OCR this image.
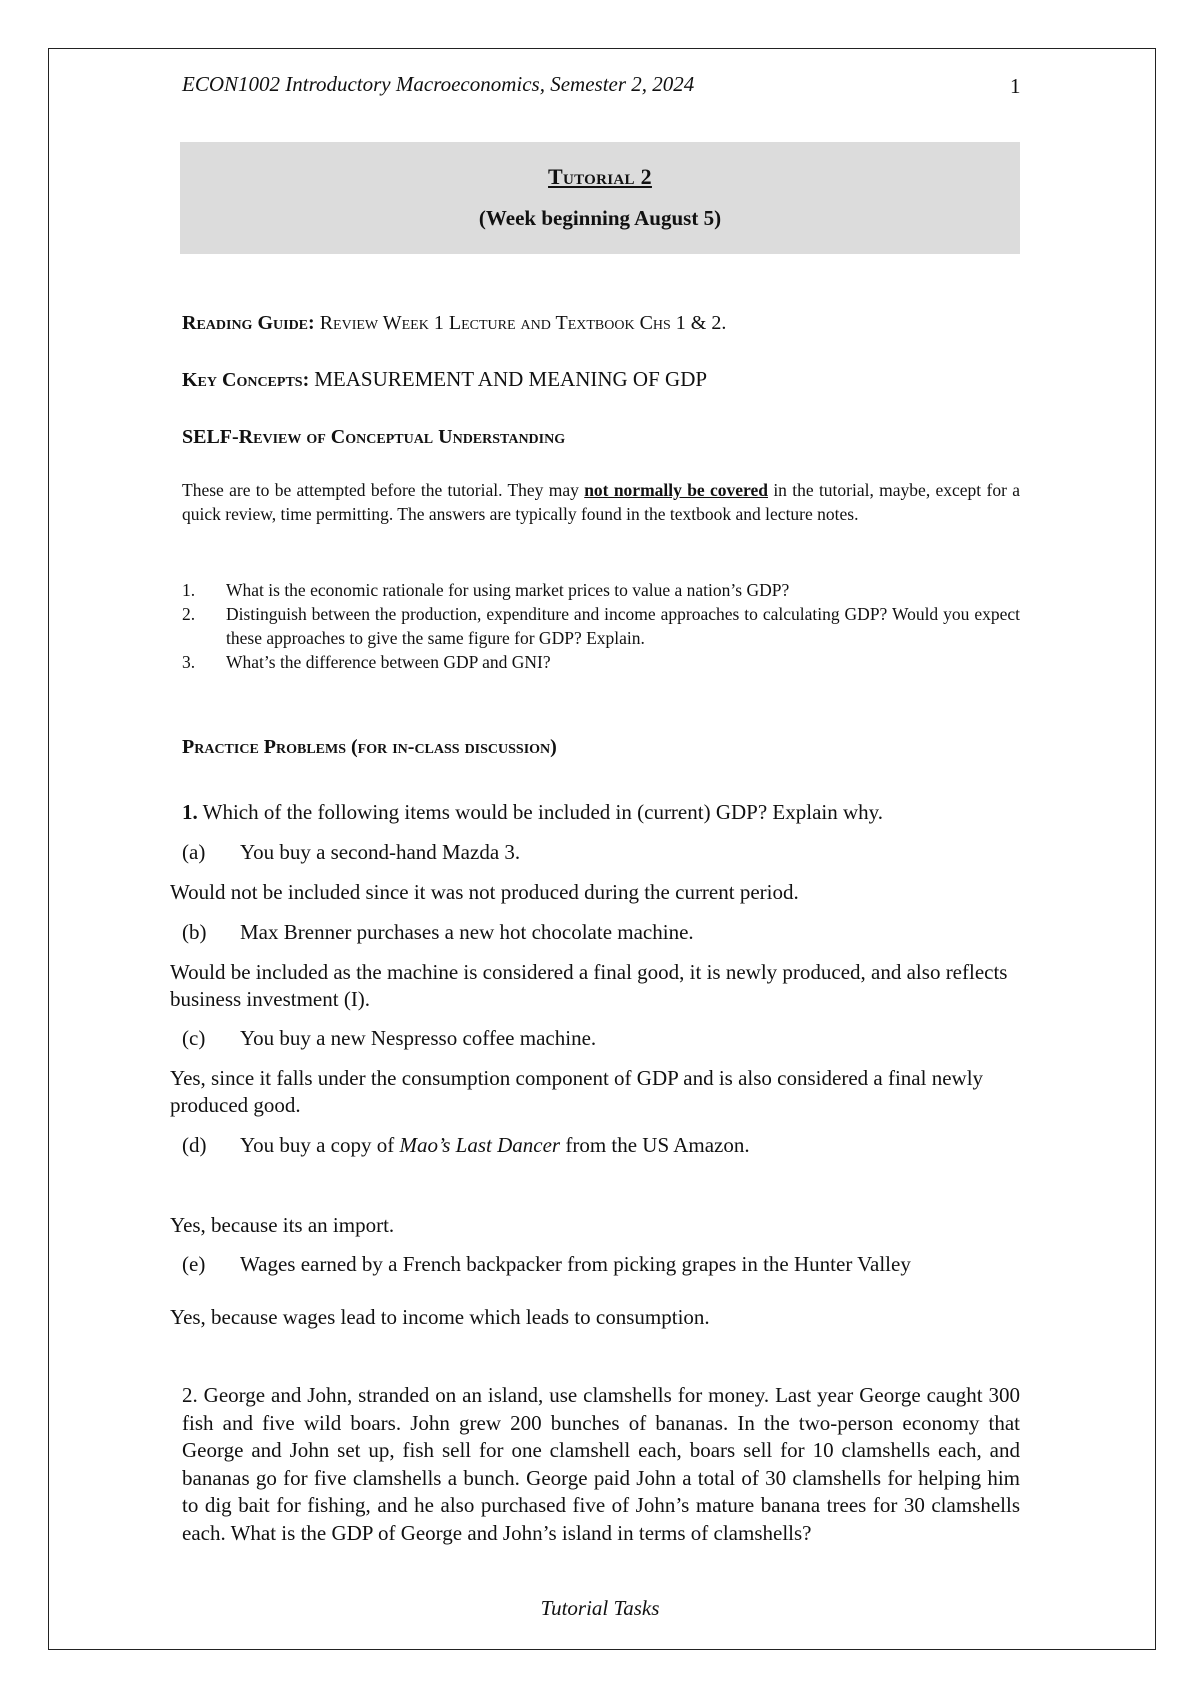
ECON1002 Introductory Macroeconomics, Semester 2, 2024	1
Tutorial 2
(Week beginning August 5)
Reading Guide: Review Week 1 Lecture and Textbook Chs 1 & 2.
Key Concepts: MEASUREMENT AND MEANING OF GDP
SELF-Review of Conceptual Understanding
These are to be attempted before the tutorial. They may not normally be covered in the tutorial, maybe, except for a quick review, time permitting. The answers are typically found in the textbook and lecture notes.
1. What is the economic rationale for using market prices to value a nation’s GDP?
2. Distinguish between the production, expenditure and income approaches to calculating GDP? Would you expect these approaches to give the same figure for GDP? Explain.
3. What’s the difference between GDP and GNI?
Practice Problems (for in-class discussion)
1. Which of the following items would be included in (current) GDP? Explain why.
(a) You buy a second-hand Mazda 3.
Would not be included since it was not produced during the current period.
(b) Max Brenner purchases a new hot chocolate machine.
Would be included as the machine is considered a final good, it is newly produced, and also reflects business investment (I).
(c) You buy a new Nespresso coffee machine.
Yes, since it falls under the consumption component of GDP and is also considered a final newly produced good.
(d) You buy a copy of Mao’s Last Dancer from the US Amazon.
Yes, because its an import.
(e) Wages earned by a French backpacker from picking grapes in the Hunter Valley
Yes, because wages lead to income which leads to consumption.
2. George and John, stranded on an island, use clamshells for money. Last year George caught 300 fish and five wild boars. John grew 200 bunches of bananas. In the two-person economy that George and John set up, fish sell for one clamshell each, boars sell for 10 clamshells each, and bananas go for five clamshells a bunch. George paid John a total of 30 clamshells for helping him to dig bait for fishing, and he also purchased five of John’s mature banana trees for 30 clamshells each. What is the GDP of George and John’s island in terms of clamshells?
Tutorial Tasks
